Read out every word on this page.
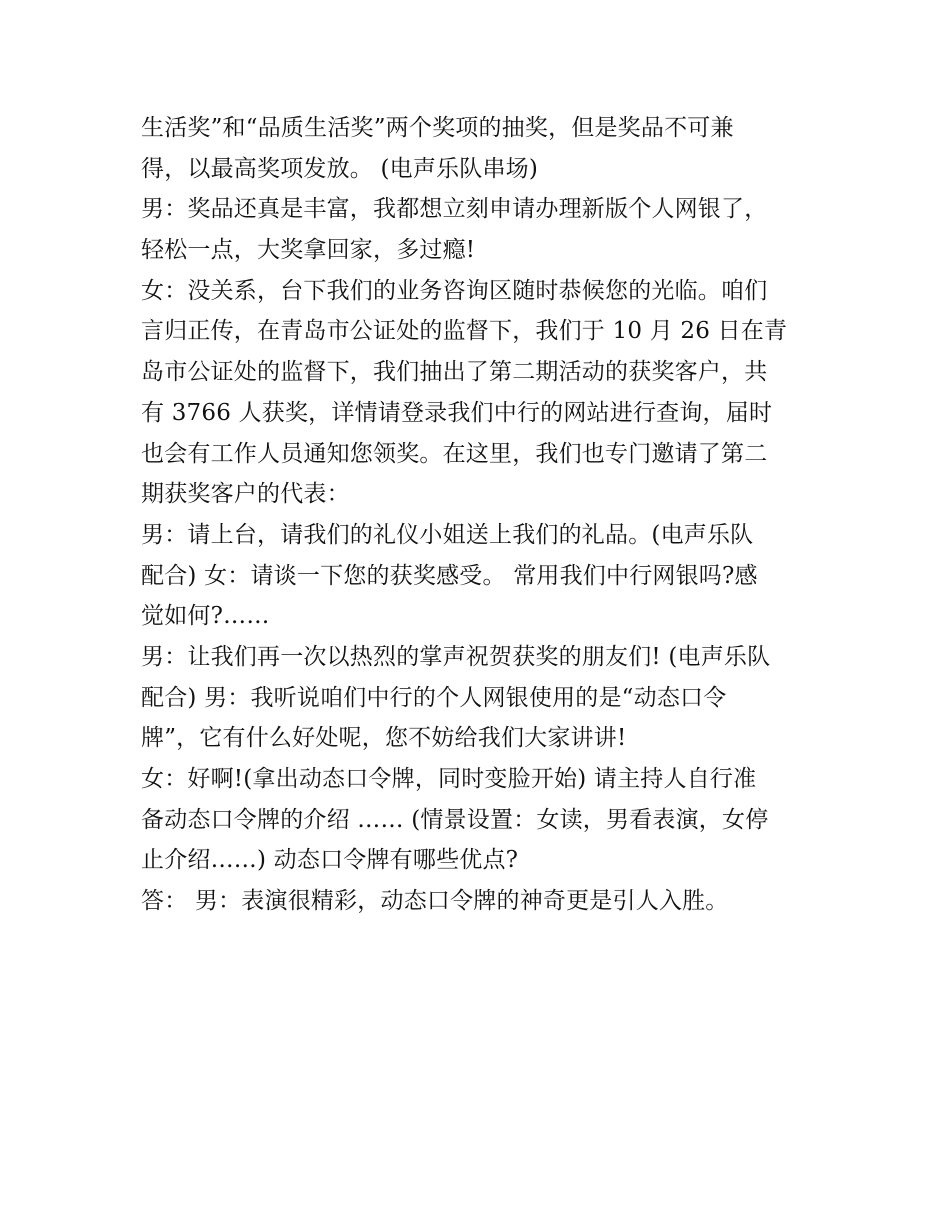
生活奖”和“品质生活奖”两个奖项的抽奖，但是奖品不可兼
得，以最高奖项发放。 (电声乐队串场)
男：奖品还真是丰富，我都想立刻申请办理新版个人网银了，
轻松一点，大奖拿回家，多过瘾!
女：没关系，台下我们的业务咨询区随时恭候您的光临。咱们
言归正传，在青岛市公证处的监督下，我们于 10 月 26 日在青
岛市公证处的监督下，我们抽出了第二期活动的获奖客户，共
有 3766 人获奖，详情请登录我们中行的网站进行查询，届时
也会有工作人员通知您领奖。在这里，我们也专门邀请了第二
期获奖客户的代表：
男：请上台，请我们的礼仪小姐送上我们的礼品。(电声乐队
配合) 女：请谈一下您的获奖感受。 常用我们中行网银吗?感
觉如何?……
男：让我们再一次以热烈的掌声祝贺获奖的朋友们! (电声乐队
配合) 男：我听说咱们中行的个人网银使用的是“动态口令
牌”，它有什么好处呢，您不妨给我们大家讲讲!
女：好啊!(拿出动态口令牌，同时变脸开始) 请主持人自行准
备动态口令牌的介绍 …… (情景设置：女读，男看表演，女停
止介绍……) 动态口令牌有哪些优点?
答： 男：表演很精彩，动态口令牌的神奇更是引人入胜。
